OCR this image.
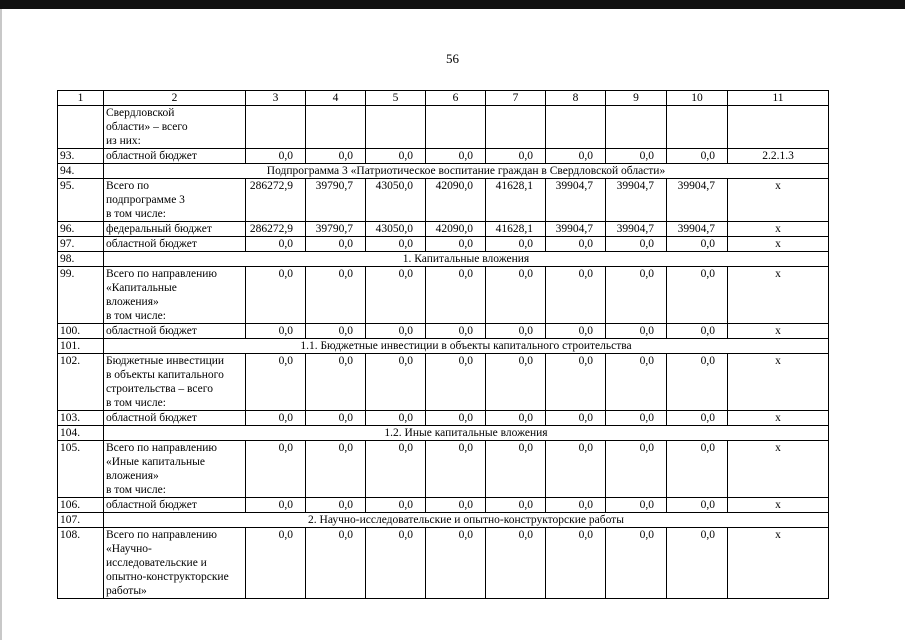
56
1	2	3	4	5	6	7	8	9	10	11

	Свердловской
области» – всего
из них:									

93.	областной бюджет	0,0	0,0	0,0	0,0	0,0	0,0	0,0	0,0	2.2.1.3
94.	Подпрограмма 3 «Патриотическое воспитание граждан в Свердловской области»									
95.	Всего по
подпрограмме 3
в том числе:	286272,9	39790,7	43050,0	42090,0	41628,1	39904,7	39904,7	39904,7	x
96.	федеральный бюджет	286272,9	39790,7	43050,0	42090,0	41628,1	39904,7	39904,7	39904,7	x
97.	областной бюджет	0,0	0,0	0,0	0,0	0,0	0,0	0,0	0,0	x
98.	1. Капитальные вложения									
99.	Всего по направлению
«Капитальные
вложения»
в том числе:	0,0	0,0	0,0	0,0	0,0	0,0	0,0	0,0	x
100.	областной бюджет	0,0	0,0	0,0	0,0	0,0	0,0	0,0	0,0	x
101.	1.1. Бюджетные инвестиции в объекты капитального строительства									
102.	Бюджетные инвестиции
в объекты капитального
строительства – всего
в том числе:	0,0	0,0	0,0	0,0	0,0	0,0	0,0	0,0	x
103.	областной бюджет	0,0	0,0	0,0	0,0	0,0	0,0	0,0	0,0	x
104.	1.2. Иные капитальные вложения									
105.	Всего по направлению
«Иные капитальные
вложения»
в том числе:	0,0	0,0	0,0	0,0	0,0	0,0	0,0	0,0	x
106.	областной бюджет	0,0	0,0	0,0	0,0	0,0	0,0	0,0	0,0	x
107.	2. Научно-исследовательские и опытно-конструкторские работы									
108.	Всего по направлению
«Научно-
исследовательские и
опытно-конструкторские
работы»	0,0	0,0	0,0	0,0	0,0	0,0	0,0	0,0	x
